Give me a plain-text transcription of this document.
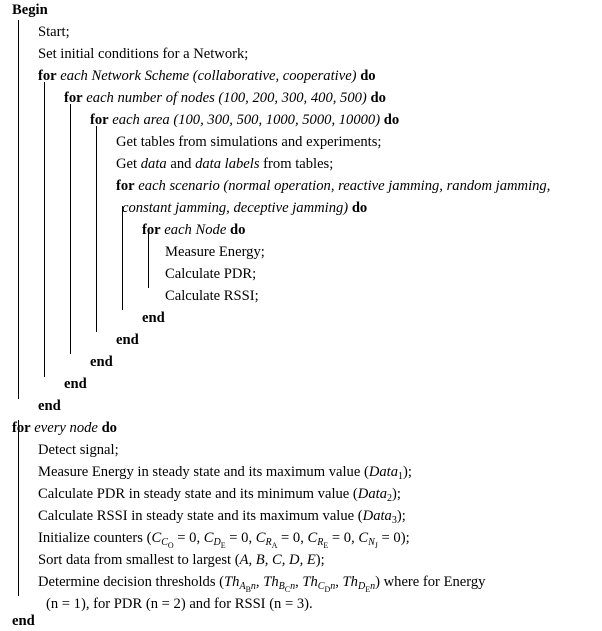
Begin
Start;
Set initial conditions for a Network;
for each Network Scheme (collaborative, cooperative) do
for each number of nodes (100, 200, 300, 400, 500) do
for each area (100, 300, 500, 1000, 5000, 10000) do
Get tables from simulations and experiments;
Get data and data labels from tables;
for each scenario (normal operation, reactive jamming, random jamming,
constant jamming, deceptive jamming) do
for each Node do
Measure Energy;
Calculate PDR;
Calculate RSSI;
end
end
end
end
end
for every node do
Detect signal;
Measure Energy in steady state and its maximum value (Data$_1$);
Calculate PDR in steady state and its minimum value (Data$_2$);
Calculate RSSI in steady state and its maximum value (Data$_3$);
Initialize counters ($C_{C_O} = 0$, $C_{D_E} = 0$, $C_{R_A} = 0$, $C_{R_E} = 0$, $C_{N_J} = 0$);
Sort data from smallest to largest (A, B, C, D, E);
Determine decision thresholds ($Th_{A_Bn}$, $Th_{B_Cn}$, $Th_{C_Dn}$, $Th_{D_En}$) where for Energy
(n = 1), for PDR (n = 2) and for RSSI (n = 3).
end
